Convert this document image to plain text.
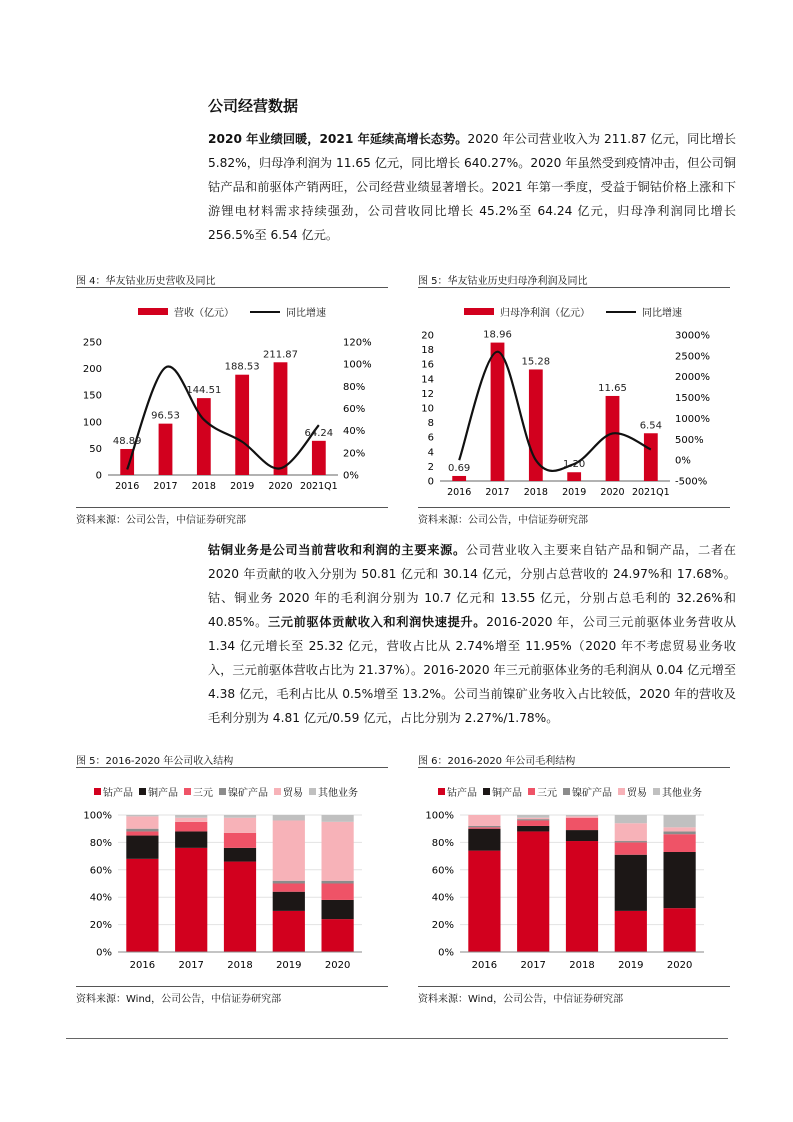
公司经营数据

2020 年业绩回暖，2021 年延续高增长态势。2020 年公司营业收入为 211.87 亿元，同比增长 5.82%，归母净利润为 11.65 亿元，同比增长 640.27%。2020 年虽然受到疫情冲击，但公司铜钴产品和前驱体产销两旺，公司经营业绩显著增长。2021 年第一季度，受益于铜钴价格上涨和下游锂电材料需求持续强劲，公司营收同比增长 45.2%至 64.24 亿元，归母净利润同比增长 256.5%至 6.54 亿元。

图 4：华友钴业历史营收及同比
营收（亿元）	同比增速
0
50
100
150
200
250
0%
20%
40%
60%
80%
100%
120%
2016 2017 2018 2019 2020 2021Q1
48.89
96.53
144.51
188.53
211.87
64.24
资料来源：公司公告，中信证券研究部
图 5：华友钴业历史归母净利润及同比
归母净利润（亿元）	同比增速
0
2
4
6
8
10
12
14
16
18
20
-500%
0%
500%
1000%
1500%
2000%
2500%
3000%
2016 2017 2018 2019 2020 2021Q1
0.69
18.96
15.28
1.20
11.65
6.54
资料来源：公司公告，中信证券研究部

钴铜业务是公司当前营收和利润的主要来源。公司营业收入主要来自钴产品和铜产品，二者在 2020 年贡献的收入分别为 50.81 亿元和 30.14 亿元，分别占总营收的 24.97%和 17.68%。钴、铜业务 2020 年的毛利润分别为 10.7 亿元和 13.55 亿元，分别占总毛利的 32.26%和 40.85%。三元前驱体贡献收入和利润快速提升。2016-2020 年，公司三元前驱体业务营收从 1.34 亿元增长至 25.32 亿元，营收占比从 2.74%增至 11.95%（2020 年不考虑贸易业务收入，三元前驱体营收占比为 21.37%）。2016-2020 年三元前驱体业务的毛利润从 0.04 亿元增至 4.38 亿元，毛利占比从 0.5%增至 13.2%。公司当前镍矿业务收入占比较低，2020 年的营收及毛利分别为 4.81 亿元/0.59 亿元，占比分别为 2.27%/1.78%。

图 5：2016-2020 年公司收入结构
钴产品 铜产品 三元 镍矿产品 贸易 其他业务
0%
20%
40%
60%
80%
100%
2016 2017 2018 2019 2020
资料来源：Wind，公司公告，中信证券研究部
图 6：2016-2020 年公司毛利结构
钴产品 铜产品 三元 镍矿产品 贸易 其他业务
0%
20%
40%
60%
80%
100%
2016 2017 2018 2019 2020
资料来源：Wind，公司公告，中信证券研究部
